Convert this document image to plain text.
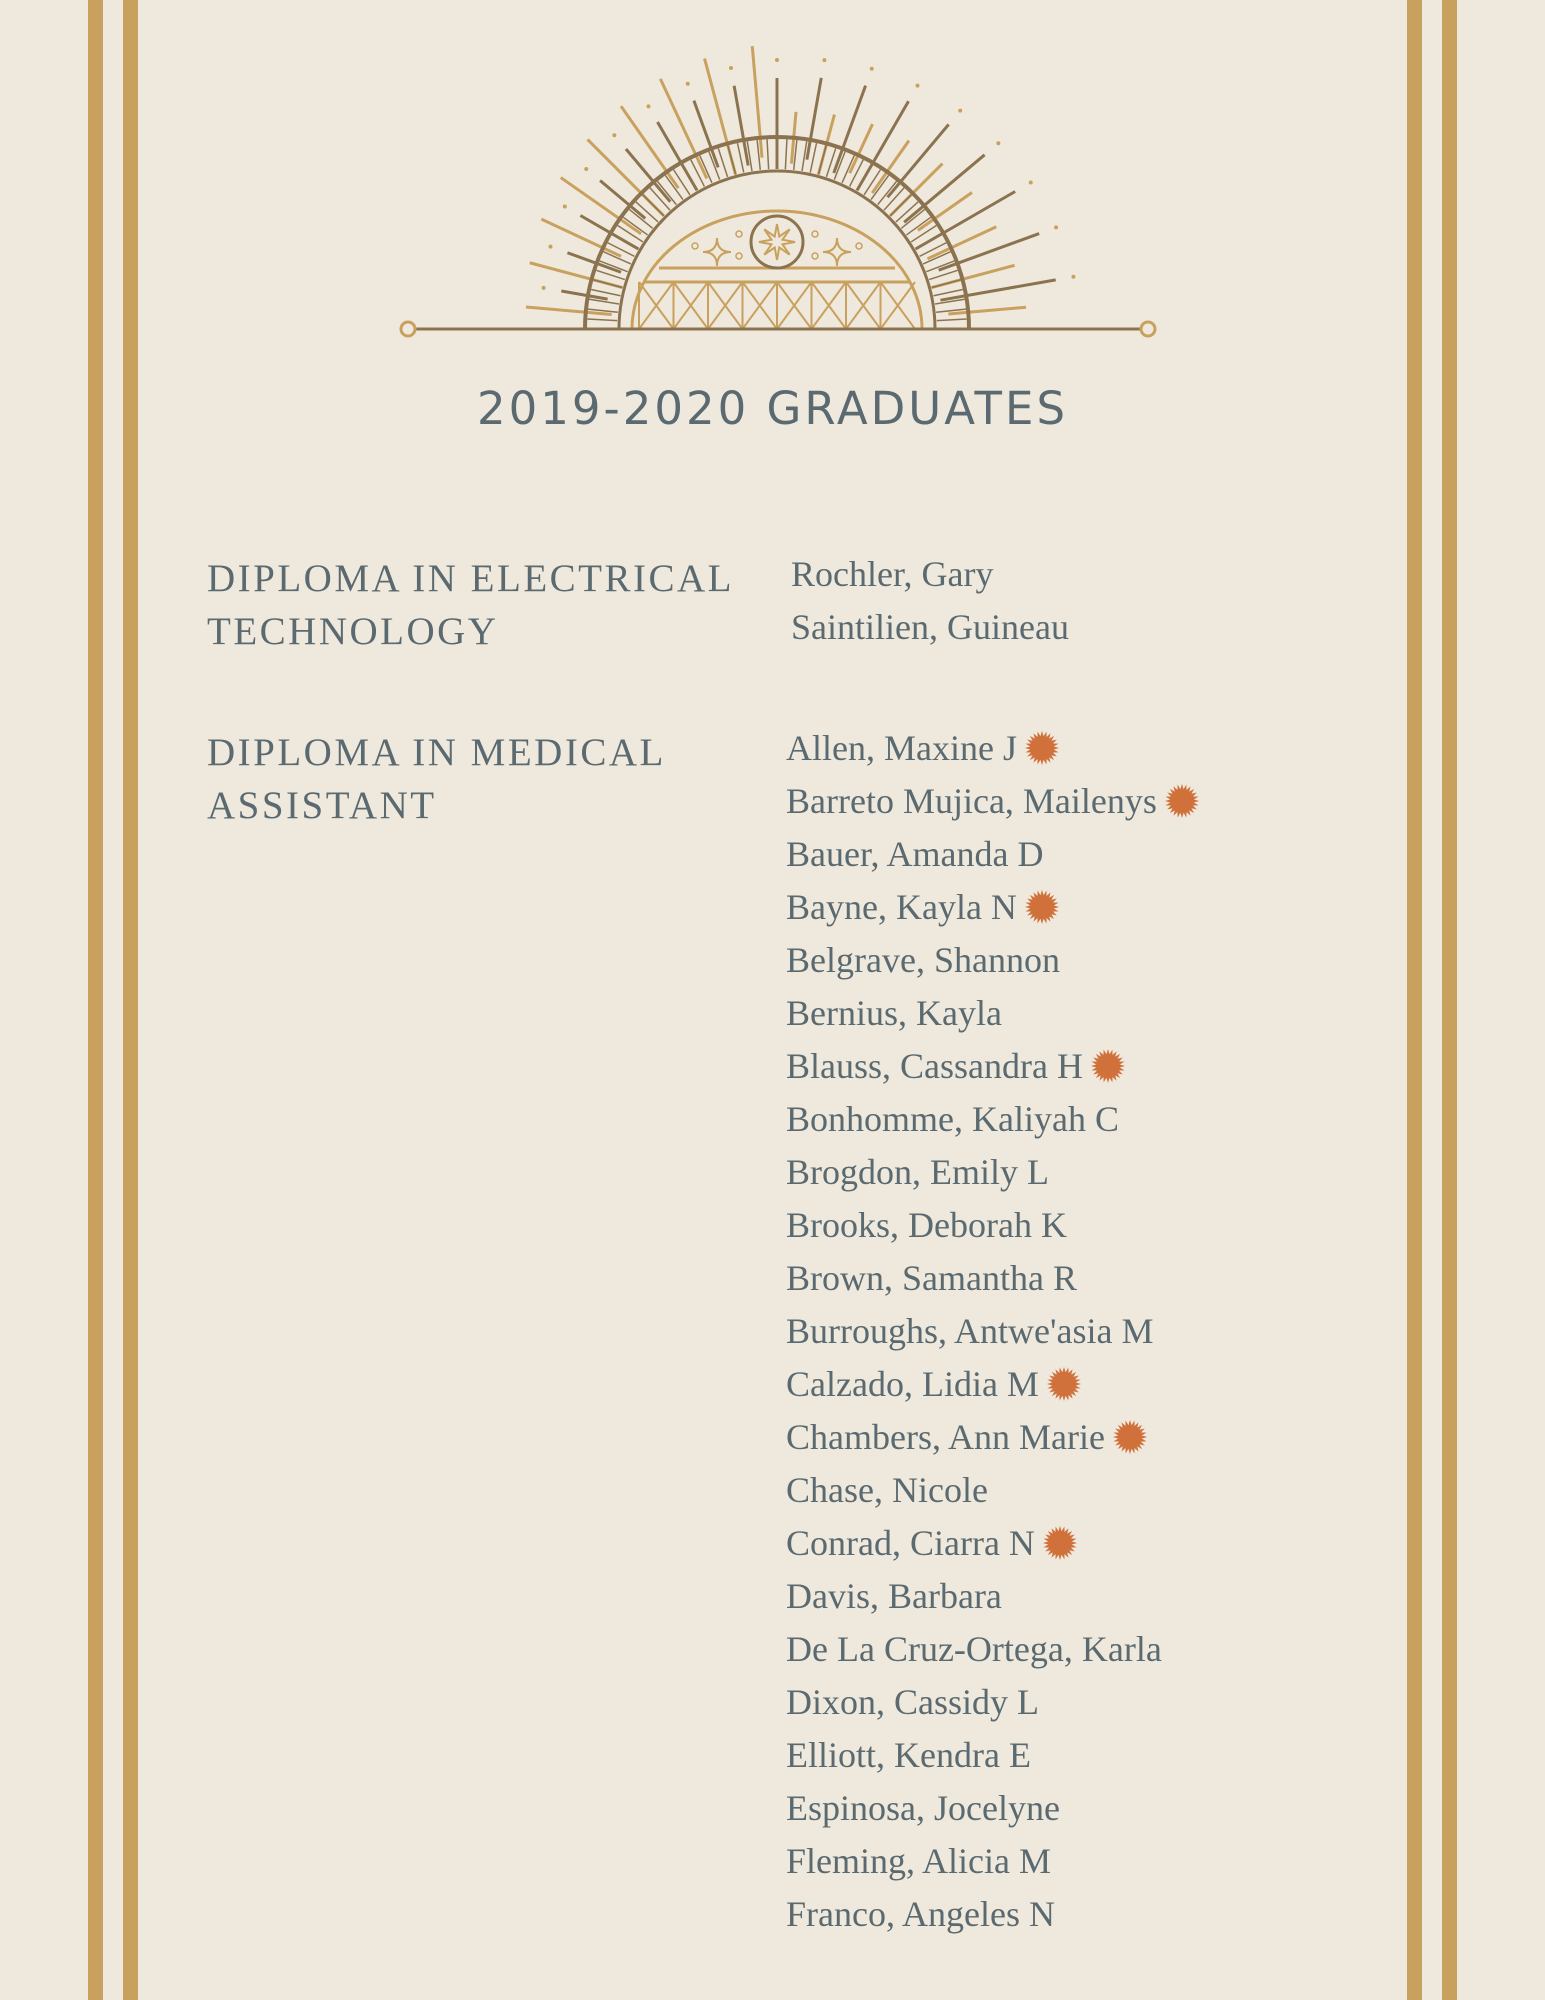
2019-2020 GRADUATES
DIPLOMA IN ELECTRICAL
TECHNOLOGY
Rochler, Gary
Saintilien, Guineau
DIPLOMA IN MEDICAL
ASSISTANT
Allen, Maxine J
Barreto Mujica, Mailenys
Bauer, Amanda D
Bayne, Kayla N
Belgrave, Shannon
Bernius, Kayla
Blauss, Cassandra H
Bonhomme, Kaliyah C
Brogdon, Emily L
Brooks, Deborah K
Brown, Samantha R
Burroughs, Antwe'asia M
Calzado, Lidia M
Chambers, Ann Marie
Chase, Nicole
Conrad, Ciarra N
Davis, Barbara
De La Cruz-Ortega, Karla
Dixon, Cassidy L
Elliott, Kendra E
Espinosa, Jocelyne
Fleming, Alicia M
Franco, Angeles N
